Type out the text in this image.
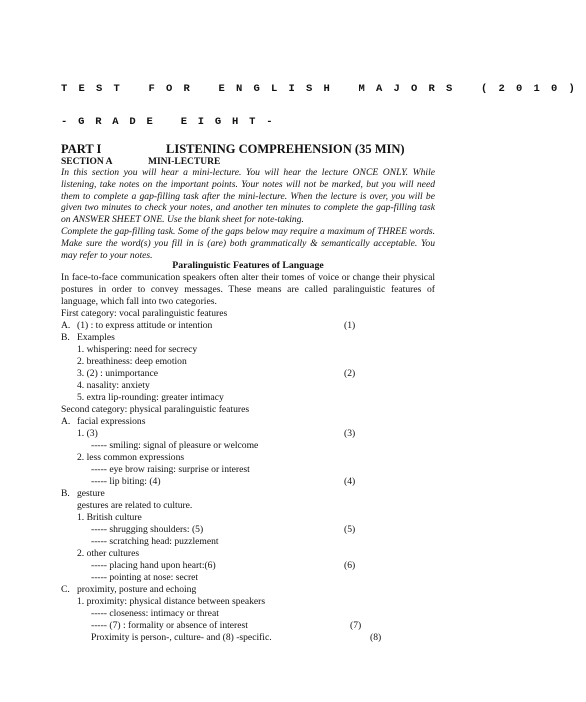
TEST FOR ENGLISH MAJORS (2010)
-GRADE EIGHT-
PART I	LISTENING COMPREHENSION (35 MIN)
SECTION A	MINI-LECTURE

In this section you will hear a mini-lecture. You will hear the lecture ONCE ONLY. While listening, take notes on the important points. Your notes will not be marked, but you will need them to complete a gap-filling task after the mini-lecture. When the lecture is over, you will be given two minutes to check your notes, and another ten minutes to complete the gap-filling task on ANSWER SHEET ONE. Use the blank sheet for note-taking.

Complete the gap-filling task. Some of the gaps below may require a maximum of THREE words. Make sure the word(s) you fill in is (are) both grammatically & semantically acceptable. You may refer to your notes.

Paralinguistic Features of Language

In face-to-face communication speakers often alter their tomes of voice or change their physical postures in order to convey messages. These means are called paralinguistic features of language, which fall into two categories.

First category: vocal paralinguistic features
A. (1) : to express attitude or intention	(1)
B. Examples
1. whispering: need for secrecy
2. breathiness: deep emotion
3. (2) : unimportance	(2)
4. nasality: anxiety
5. extra lip-rounding: greater intimacy
Second category: physical paralinguistic features
A. facial expressions
1. (3)	(3)
----- smiling: signal of pleasure or welcome
2. less common expressions
----- eye brow raising: surprise or interest
----- lip biting: (4)	(4)
B. gesture
gestures are related to culture.
1. British culture
----- shrugging shoulders: (5)	(5)
----- scratching head: puzzlement
2. other cultures
----- placing hand upon heart:(6)	(6)
----- pointing at nose: secret
C. proximity, posture and echoing
1. proximity: physical distance between speakers
----- closeness: intimacy or threat
----- (7) : formality or absence of interest	(7)
Proximity is person-, culture- and (8) -specific.	(8)
